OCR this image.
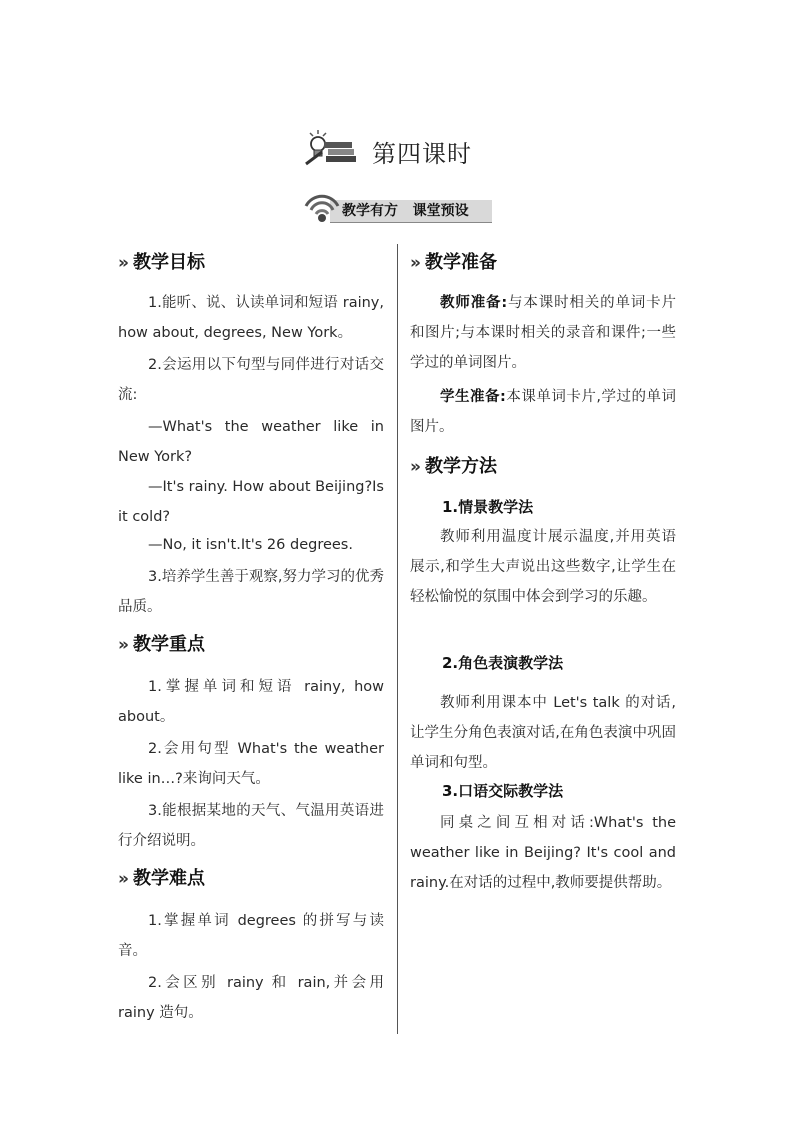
第四课时
教学有方   课堂预设
» 教学目标
1.能听、说、认读单词和短语 rainy, how about, degrees, New York。
2.会运用以下句型与同伴进行对话交流:
—What's the weather like in New York?
—It's rainy. How about Beijing?Is it cold?
—No, it isn't.It's 26 degrees.
3.培养学生善于观察,努力学习的优秀品质。
» 教学重点
1.掌握单词和短语 rainy, how about。
2.会用句型 What's the weather like in…?来询问天气。
3.能根据某地的天气、气温用英语进行介绍说明。
» 教学难点
1.掌握单词 degrees 的拼写与读音。
2.会区别 rainy 和 rain,并会用 rainy 造句。
» 教学准备
教师准备:与本课时相关的单词卡片和图片;与本课时相关的录音和课件;一些学过的单词图片。
学生准备:本课单词卡片,学过的单词图片。
» 教学方法
1.情景教学法
教师利用温度计展示温度,并用英语展示,和学生大声说出这些数字,让学生在轻松愉悦的氛围中体会到学习的乐趣。
2.角色表演教学法
教师利用课本中 Let's talk 的对话,让学生分角色表演对话,在角色表演中巩固单词和句型。
3.口语交际教学法
同桌之间互相对话:What's the weather like in Beijing? It's cool and rainy.在对话的过程中,教师要提供帮助。
